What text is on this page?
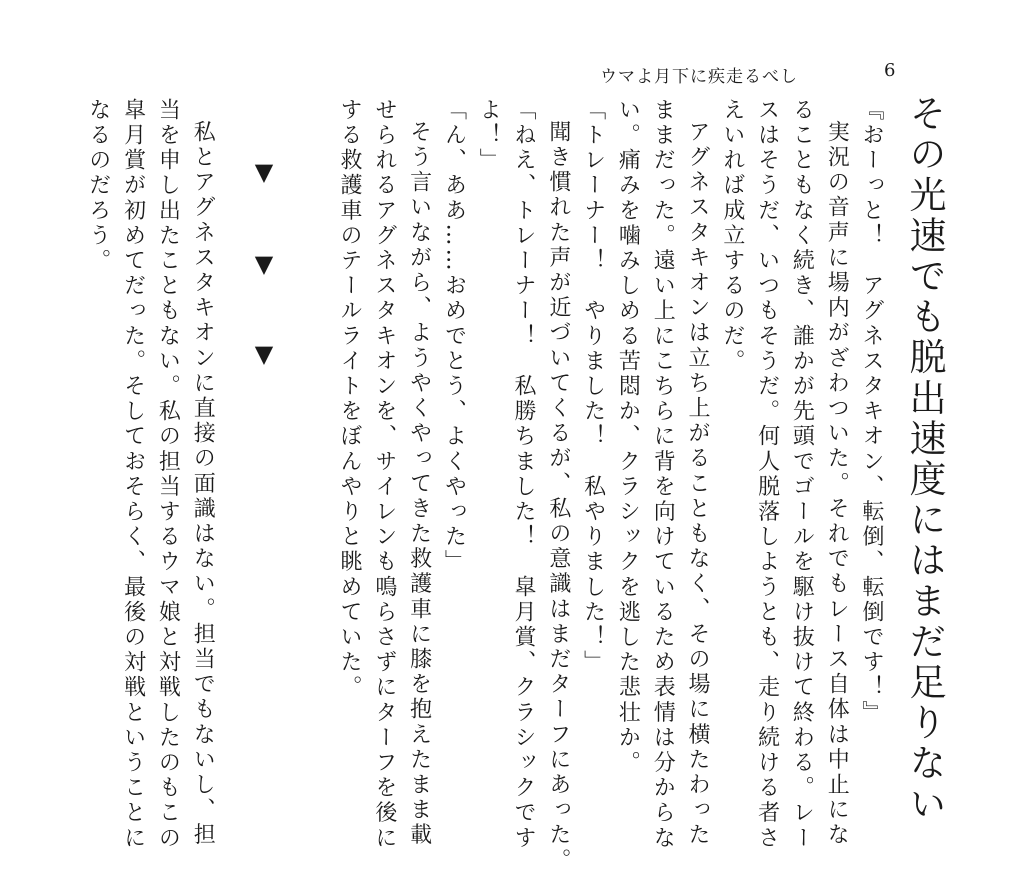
ウマよ月下に疾走るべし	6
その光速でも脱出速度にはまだ足りない

『おーっと！　アグネスタキオン、転倒、転倒です！』

実況の音声に場内がざわついた。それでもレース自体は中止にな

ることもなく続き、誰かが先頭でゴールを駆け抜けて終わる。レー

スはそうだ、いつもそうだ。何人脱落しようとも、走り続ける者さ

えいれば成立するのだ。

アグネスタキオンは立ち上がることもなく、その場に横たわった

ままだった。遠い上にこちらに背を向けているため表情は分からな

い。痛みを噛みしめる苦悶か、クラシックを逃した悲壮か。

「トレーナー！　やりました！　私やりました！」

聞き慣れた声が近づいてくるが、私の意識はまだターフにあった。

「ねえ、トレーナー！　私勝ちました！　皐月賞、クラシックです

よ！」

「ん、ああ……おめでとう、よくやった」

そう言いながら、ようやくやってきた救護車に膝を抱えたまま載

せられるアグネスタキオンを、サイレンも鳴らさずにターフを後に

する救護車のテールライトをぼんやりと眺めていた。

▼
▼
▼

私とアグネスタキオンに直接の面識はない。担当でもないし、担

当を申し出たこともない。私の担当するウマ娘と対戦したのもこの

皐月賞が初めてだった。そしておそらく、最後の対戦ということに

なるのだろう。
